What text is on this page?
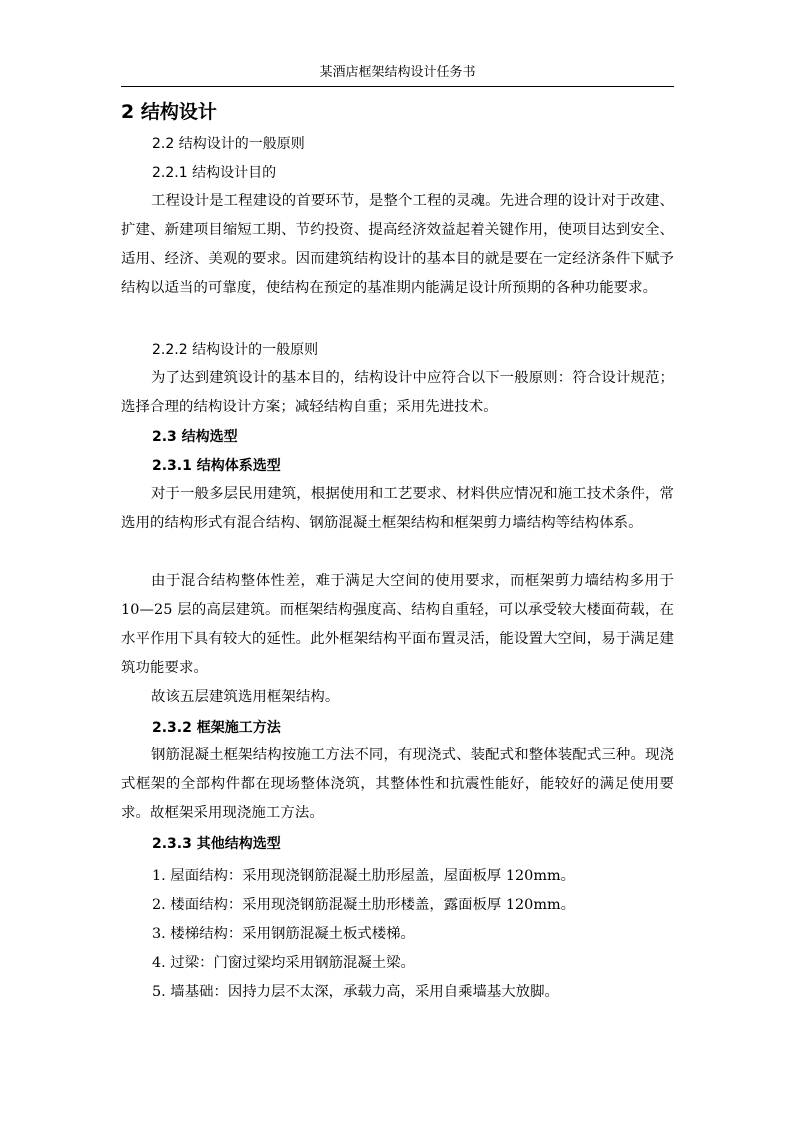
某酒店框架结构设计任务书
2 结构设计
2.2 结构设计的一般原则
2.2.1 结构设计目的
工程设计是工程建设的首要环节，是整个工程的灵魂。先进合理的设计对于改建、扩建、新建项目缩短工期、节约投资、提高经济效益起着关键作用，使项目达到安全、适用、经济、美观的要求。因而建筑结构设计的基本目的就是要在一定经济条件下赋予结构以适当的可靠度，使结构在预定的基准期内能满足设计所预期的各种功能要求。
2.2.2 结构设计的一般原则
为了达到建筑设计的基本目的，结构设计中应符合以下一般原则：符合设计规范；选择合理的结构设计方案；减轻结构自重；采用先进技术。
2.3 结构选型
2.3.1 结构体系选型
对于一般多层民用建筑，根据使用和工艺要求、材料供应情况和施工技术条件，常选用的结构形式有混合结构、钢筋混凝土框架结构和框架剪力墙结构等结构体系。
由于混合结构整体性差，难于满足大空间的使用要求，而框架剪力墙结构多用于 10—25 层的高层建筑。而框架结构强度高、结构自重轻，可以承受较大楼面荷载，在水平作用下具有较大的延性。此外框架结构平面布置灵活，能设置大空间，易于满足建筑功能要求。
故该五层建筑选用框架结构。
2.3.2 框架施工方法
钢筋混凝土框架结构按施工方法不同，有现浇式、装配式和整体装配式三种。现浇式框架的全部构件都在现场整体浇筑，其整体性和抗震性能好，能较好的满足使用要求。故框架采用现浇施工方法。
2.3.3 其他结构选型
1. 屋面结构：采用现浇钢筋混凝土肋形屋盖，屋面板厚 120mm。
2. 楼面结构：采用现浇钢筋混凝土肋形楼盖，露面板厚 120mm。
3. 楼梯结构：采用钢筋混凝土板式楼梯。
4. 过梁：门窗过梁均采用钢筋混凝土梁。
5. 墙基础：因持力层不太深，承载力高，采用自乘墙基大放脚。
